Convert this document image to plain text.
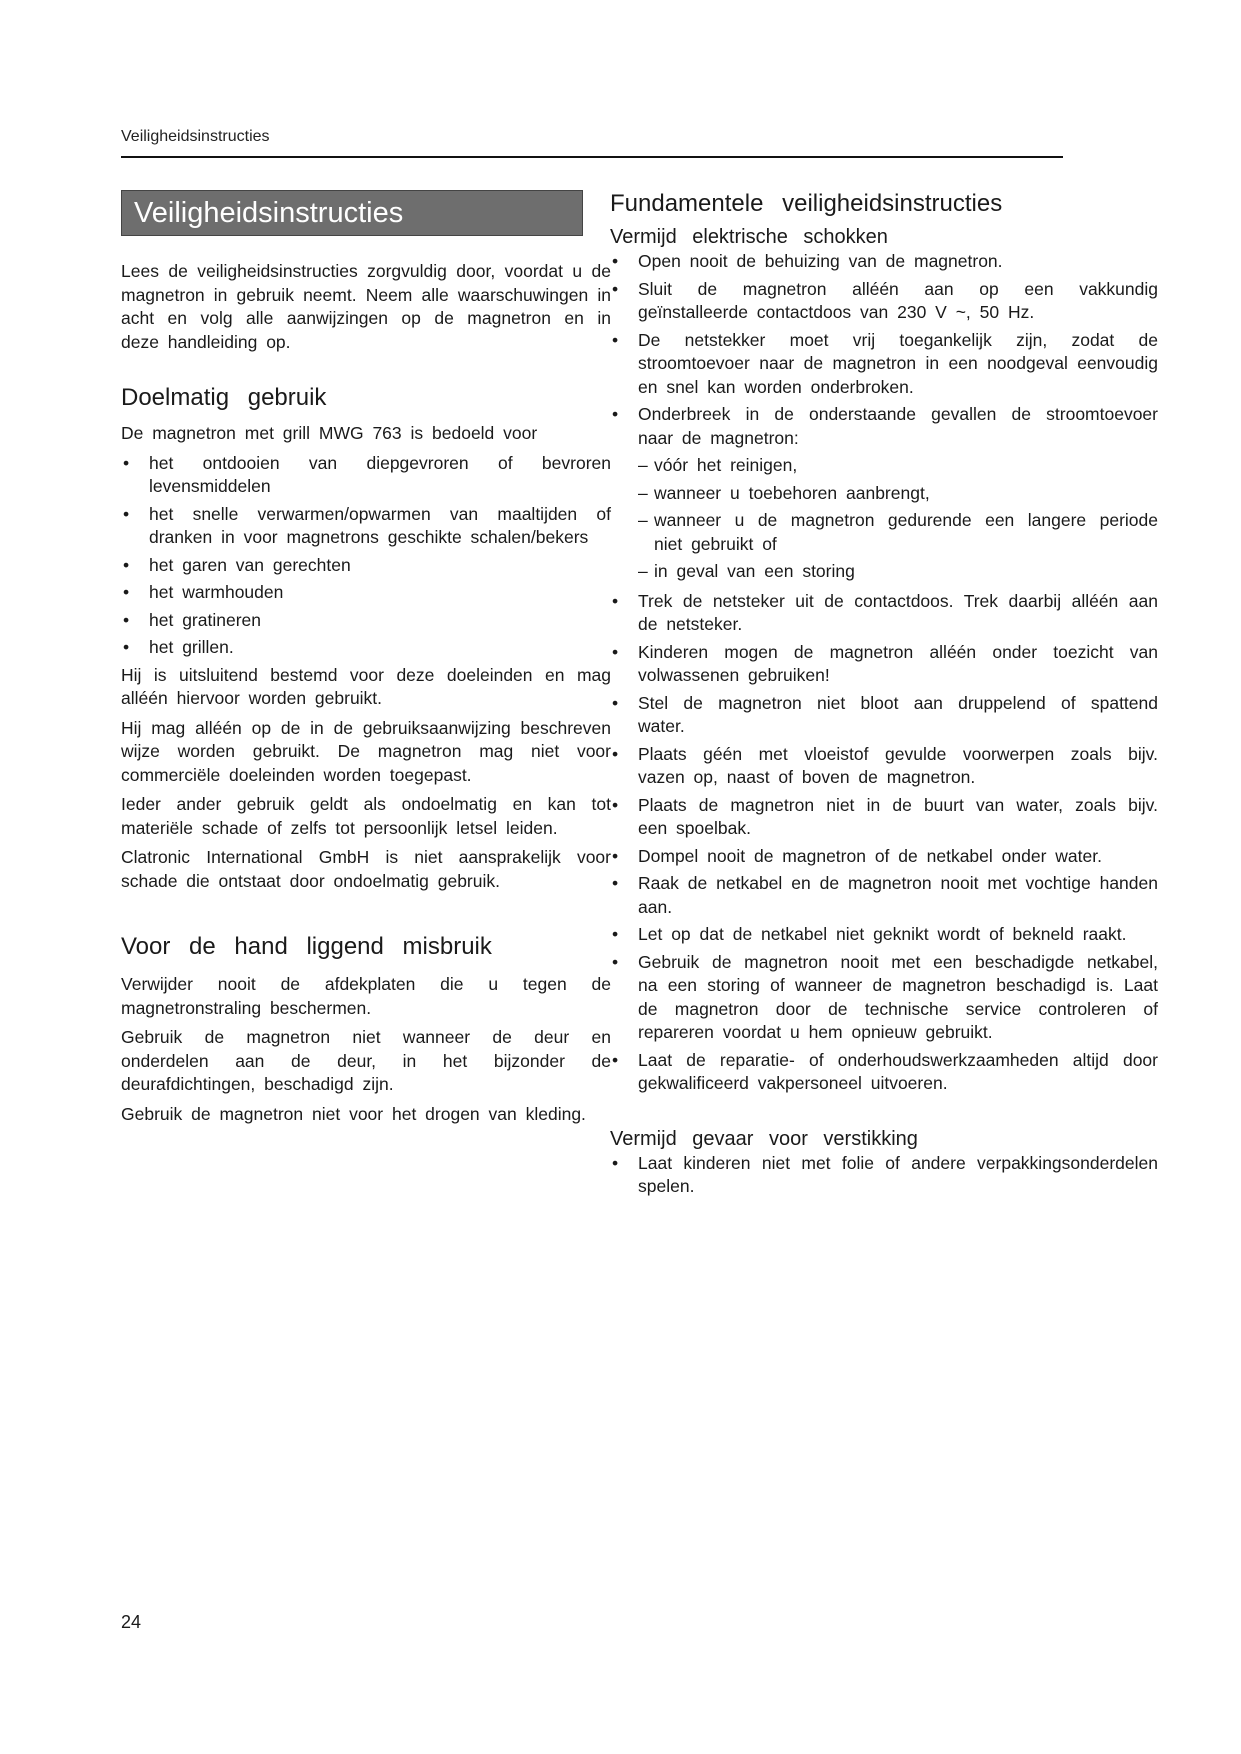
Veiligheidsinstructies
Veiligheidsinstructies

Lees de veiligheidsinstructies zorgvuldig door, voordat u de magnetron in gebruik neemt. Neem alle waarschuwingen in acht en volg alle aanwijzingen op de magnetron en in deze handleiding op.

Doelmatig gebruik

De magnetron met grill MWG 763 is bedoeld voor

• het ontdooien van diepgevroren of bevroren levensmiddelen
• het snelle verwarmen/opwarmen van maaltijden of dranken in voor magnetrons geschikte schalen/bekers
• het garen van gerechten
• het warmhouden
• het gratineren
• het grillen.

Hij is uitsluitend bestemd voor deze doeleinden en mag alléén hiervoor worden gebruikt.

Hij mag alléén op de in de gebruiksaanwijzing beschreven wijze worden gebruikt. De magnetron mag niet voor commerciële doeleinden worden toegepast.

Ieder ander gebruik geldt als ondoelmatig en kan tot materiële schade of zelfs tot persoonlijk letsel leiden.

Clatronic International GmbH is niet aansprakelijk voor schade die ontstaat door ondoelmatig gebruik.

Voor de hand liggend misbruik

Verwijder nooit de afdekplaten die u tegen de magnetronstraling beschermen.

Gebruik de magnetron niet wanneer de deur en onderdelen aan de deur, in het bijzonder de deurafdichtingen, beschadigd zijn.

Gebruik de magnetron niet voor het drogen van kleding.

Fundamentele veiligheidsinstructies
Vermijd elektrische schokken
• Open nooit de behuizing van de magnetron.
• Sluit de magnetron alléén aan op een vakkundig geïnstalleerde contactdoos van 230 V ~, 50 Hz.
• De netstekker moet vrij toegankelijk zijn, zodat de stroomtoevoer naar de magnetron in een noodgeval eenvoudig en snel kan worden onderbroken.
• Onderbreek in de onderstaande gevallen de stroomtoevoer naar de magnetron:
– vóór het reinigen,
– wanneer u toebehoren aanbrengt,
– wanneer u de magnetron gedurende een langere periode niet gebruikt of
– in geval van een storing
• Trek de netsteker uit de contactdoos. Trek daarbij alléén aan de netsteker.
• Kinderen mogen de magnetron alléén onder toezicht van volwassenen gebruiken!
• Stel de magnetron niet bloot aan druppelend of spattend water.
• Plaats géén met vloeistof gevulde voorwerpen zoals bijv. vazen op, naast of boven de magnetron.
• Plaats de magnetron niet in de buurt van water, zoals bijv. een spoelbak.
• Dompel nooit de magnetron of de netkabel onder water.
• Raak de netkabel en de magnetron nooit met vochtige handen aan.
• Let op dat de netkabel niet geknikt wordt of bekneld raakt.
• Gebruik de magnetron nooit met een beschadigde netkabel, na een storing of wanneer de magnetron beschadigd is. Laat de magnetron door de technische service controleren of repareren voordat u hem opnieuw gebruikt.
• Laat de reparatie- of onderhoudswerkzaamheden altijd door gekwalificeerd vakpersoneel uitvoeren.
Vermijd gevaar voor verstikking
• Laat kinderen niet met folie of andere verpakkingsonderdelen spelen.
24
